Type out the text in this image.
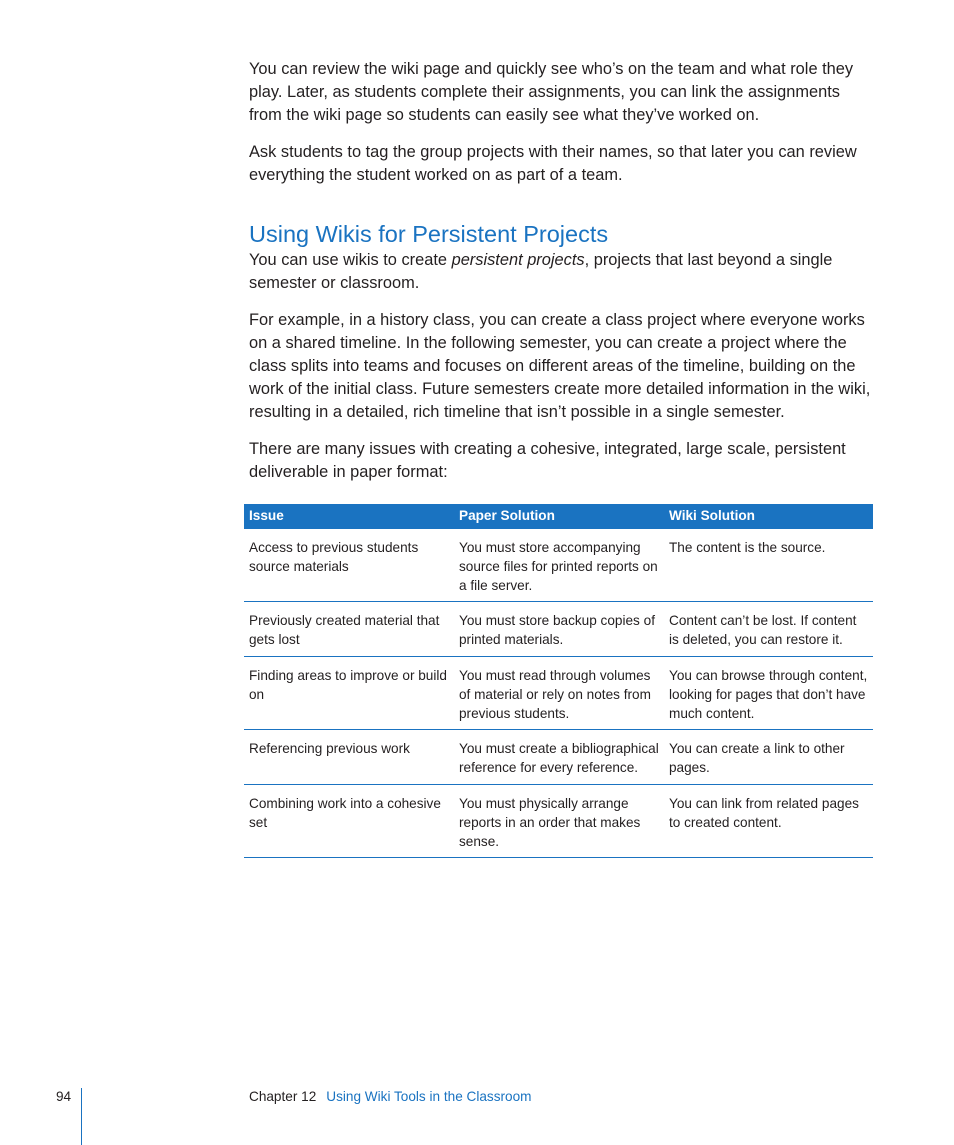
You can review the wiki page and quickly see who’s on the team and what role they play. Later, as students complete their assignments, you can link the assignments from the wiki page so students can easily see what they’ve worked on.

Ask students to tag the group projects with their names, so that later you can review everything the student worked on as part of a team.

Using Wikis for Persistent Projects

You can use wikis to create persistent projects, projects that last beyond a single semester or classroom.

For example, in a history class, you can create a class project where everyone works on a shared timeline. In the following semester, you can create a project where the class splits into teams and focuses on different areas of the timeline, building on the work of the initial class. Future semesters create more detailed information in the wiki, resulting in a detailed, rich timeline that isn’t possible in a single semester.

There are many issues with creating a cohesive, integrated, large scale, persistent deliverable in paper format:

Issue	Paper Solution	Wiki Solution
Access to previous students source materials	You must store accompanying source files for printed reports on a file server.	The content is the source.
Previously created material that gets lost	You must store backup copies of printed materials.	Content can’t be lost. If content is deleted, you can restore it.
Finding areas to improve or build on	You must read through volumes of material or rely on notes from previous students.	You can browse through content, looking for pages that don’t have much content.
Referencing previous work	You must create a bibliographical reference for every reference.	You can create a link to other pages.
Combining work into a cohesive set	You must physically arrange reports in an order that makes sense.	You can link from related pages to created content.
94	Chapter 12 Using Wiki Tools in the Classroom
